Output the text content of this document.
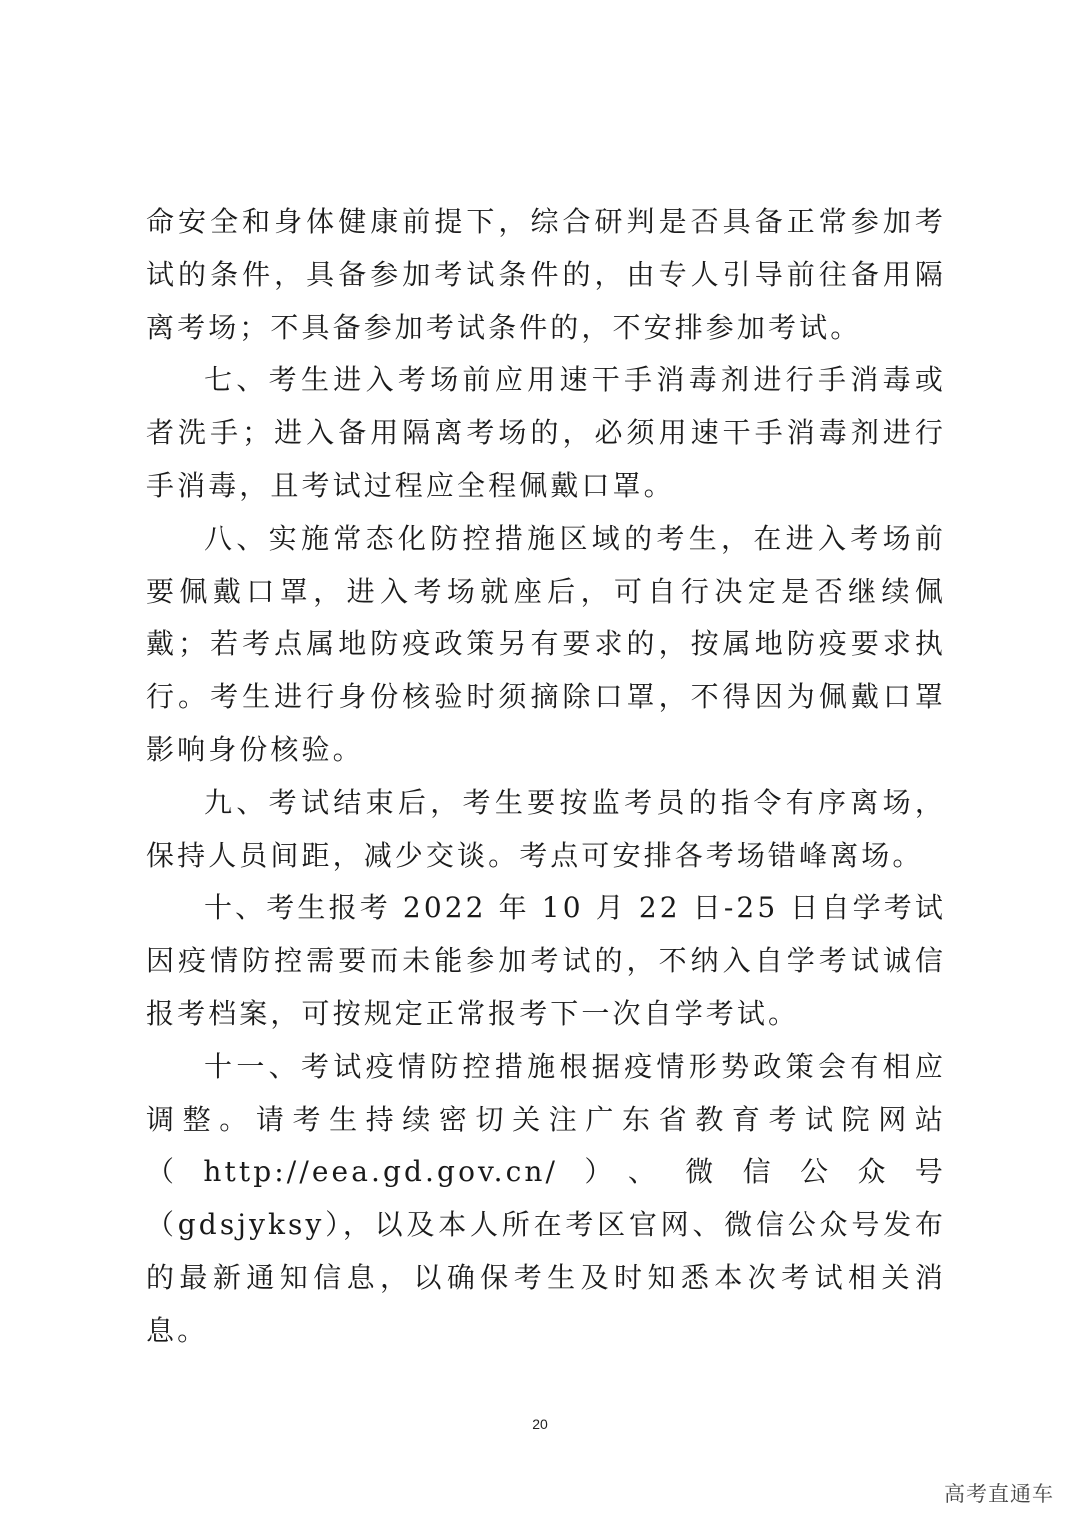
命安全和身体健康前提下，综合研判是否具备正常参加考试的条件，具备参加考试条件的，由专人引导前往备用隔离考场；不具备参加考试条件的，不安排参加考试。

七、考生进入考场前应用速干手消毒剂进行手消毒或者洗手；进入备用隔离考场的，必须用速干手消毒剂进行手消毒，且考试过程应全程佩戴口罩。

八、实施常态化防控措施区域的考生，在进入考场前要佩戴口罩，进入考场就座后，可自行决定是否继续佩戴；若考点属地防疫政策另有要求的，按属地防疫要求执行。考生进行身份核验时须摘除口罩，不得因为佩戴口罩影响身份核验。

九、考试结束后，考生要按监考员的指令有序离场，保持人员间距，减少交谈。考点可安排各考场错峰离场。

十、考生报考 2022 年 10 月 22 日-25 日自学考试因疫情防控需要而未能参加考试的，不纳入自学考试诚信报考档案，可按规定正常报考下一次自学考试。

十一、考试疫情防控措施根据疫情形势政策会有相应调整。请考生持续密切关注广东省教育考试院网站（http://eea.gd.gov.cn/）、微信公众号（gdsjyksy），以及本人所在考区官网、微信公众号发布的最新通知信息，以确保考生及时知悉本次考试相关消息。

20
高考直通车
